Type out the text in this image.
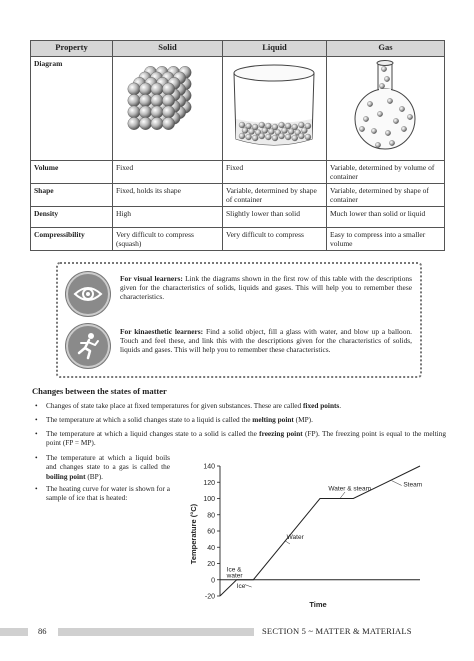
Property	Solid	Liquid	Gas
Diagram			
Volume	Fixed	Fixed	Variable, determined by volume of container
Shape	Fixed, holds its shape	Variable, determined by shape of container	Variable, determined by shape of container
Density	High	Slightly lower than solid	Much lower than solid or liquid
Compressibility	Very difficult to compress (squash)	Very difficult to compress	Easy to compress into a smaller volume
For visual learners: Link the diagrams shown in the first row of this table with the descriptions given for the characteristics of solids, liquids and gases. This will help you to remember these characteristics.
For kinaesthetic learners: Find a solid object, fill a glass with water, and blow up a balloon. Touch and feel these, and link this with the descriptions given for the characteristics of solids, liquids and gases. This will help you to remember these characteristics.
Changes between the states of matter
• Changes of state take place at fixed temperatures for given substances. These are called fixed points.
• The temperature at which a solid changes state to a liquid is called the melting point (MP).
• The temperature at which a liquid changes state to a solid is called the freezing point (FP). The freezing point is equal to the melting point (FP = MP).
• The temperature at which a liquid boils and changes state to a gas is called the boiling point (BP).
• The heating curve for water is shown for a sample of ice that is heated:
Temperature (°C)
Time
-20
0
20
40
60
80
100
120
140
Ice
Ice &
water
Water
Water & steam
Steam
86	SECTION 5 ~ MATTER & MATERIALS
